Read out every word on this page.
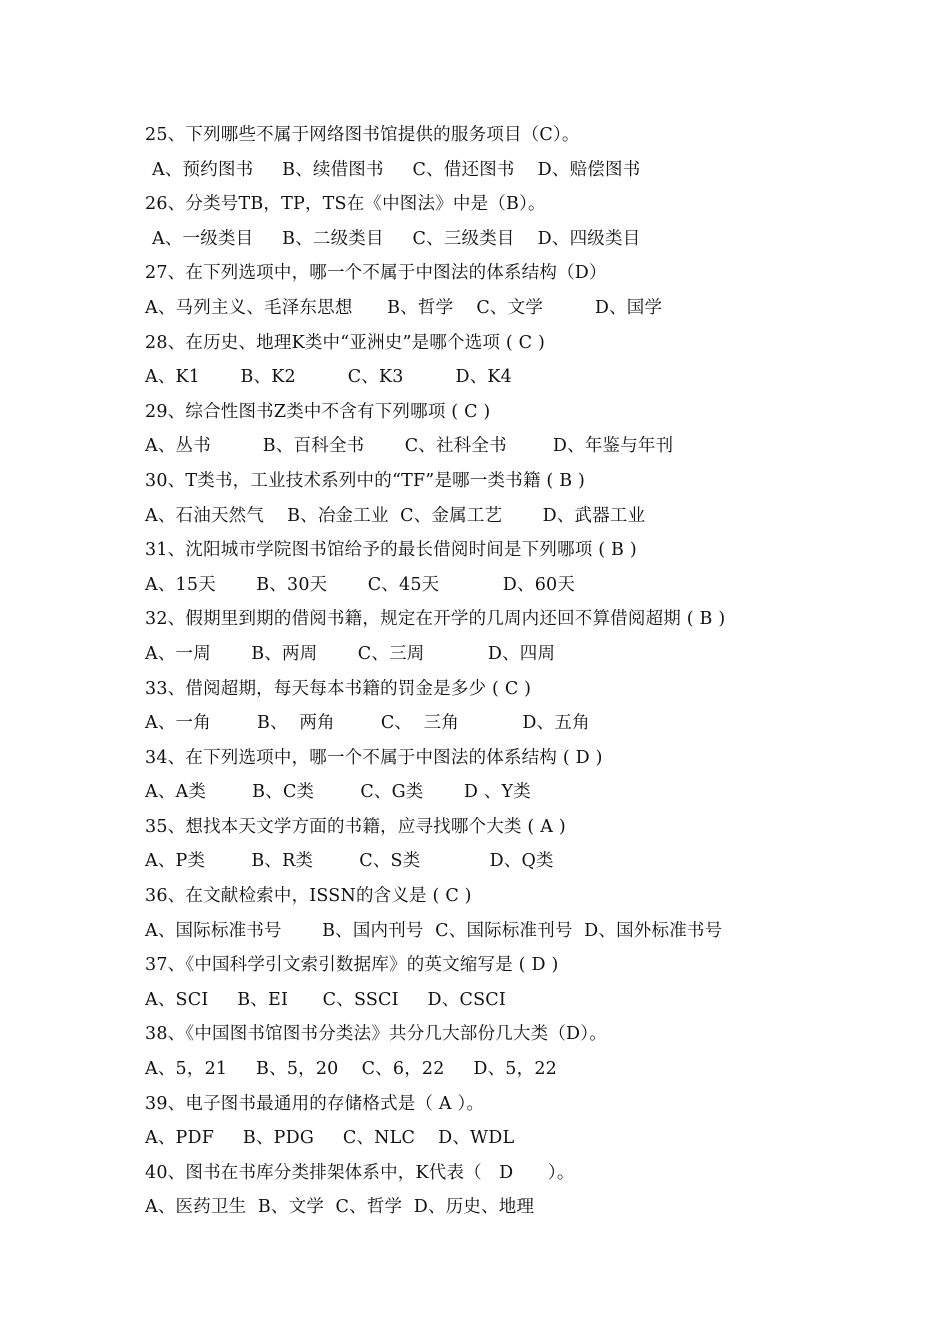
25、下列哪些不属于网络图书馆提供的服务项目（C）。
A、预约图书     B、续借图书     C、借还图书    D、赔偿图书
26、分类号TB，TP，TS在《中图法》中是（B）。
A、一级类目     B、二级类目     C、三级类目    D、四级类目
27、在下列选项中，哪一个不属于中图法的体系结构（D）
A、马列主义、毛泽东思想      B、哲学    C、文学         D、国学
28、在历史、地理K类中“亚洲史”是哪个选项 ( C )
A、K1       B、K2         C、K3         D、K4
29、综合性图书Z类中不含有下列哪项 ( C )
A、丛书         B、百科全书       C、社科全书        D、年鉴与年刊
30、T类书，工业技术系列中的“TF”是哪一类书籍 ( B )
A、石油天然气    B、冶金工业  C、金属工艺       D、武器工业
31、沈阳城市学院图书馆给予的最长借阅时间是下列哪项 ( B )
A、15天       B、30天       C、45天           D、60天
32、假期里到期的借阅书籍，规定在开学的几周内还回不算借阅超期 ( B )
A、一周       B、两周       C、三周           D、四周
33、借阅超期，每天每本书籍的罚金是多少 ( C )
A、一角        B、  两角        C、  三角           D、五角
34、在下列选项中，哪一个不属于中图法的体系结构 ( D )
A、A类        B、C类        C、G类       D 、Y类
35、想找本天文学方面的书籍，应寻找哪个大类 ( A )
A、P类        B、R类        C、S类            D、Q类
36、在文献检索中，ISSN的含义是 ( C )
A、国际标准书号       B、国内刊号  C、国际标准刊号  D、国外标准书号
37、《中国科学引文索引数据库》的英文缩写是 ( D )
A、SCI     B、EI      C、SSCI     D、CSCI
38、《中国图书馆图书分类法》共分几大部份几大类（D）。
A、5，21     B、5，20    C、6，22     D、5，22
39、电子图书最通用的存储格式是（ A ）。
A、PDF     B、PDG     C、NLC    D、WDL
40、图书在书库分类排架体系中，K代表（   D      ）。
A、医药卫生  B、文学  C、哲学  D、历史、地理
